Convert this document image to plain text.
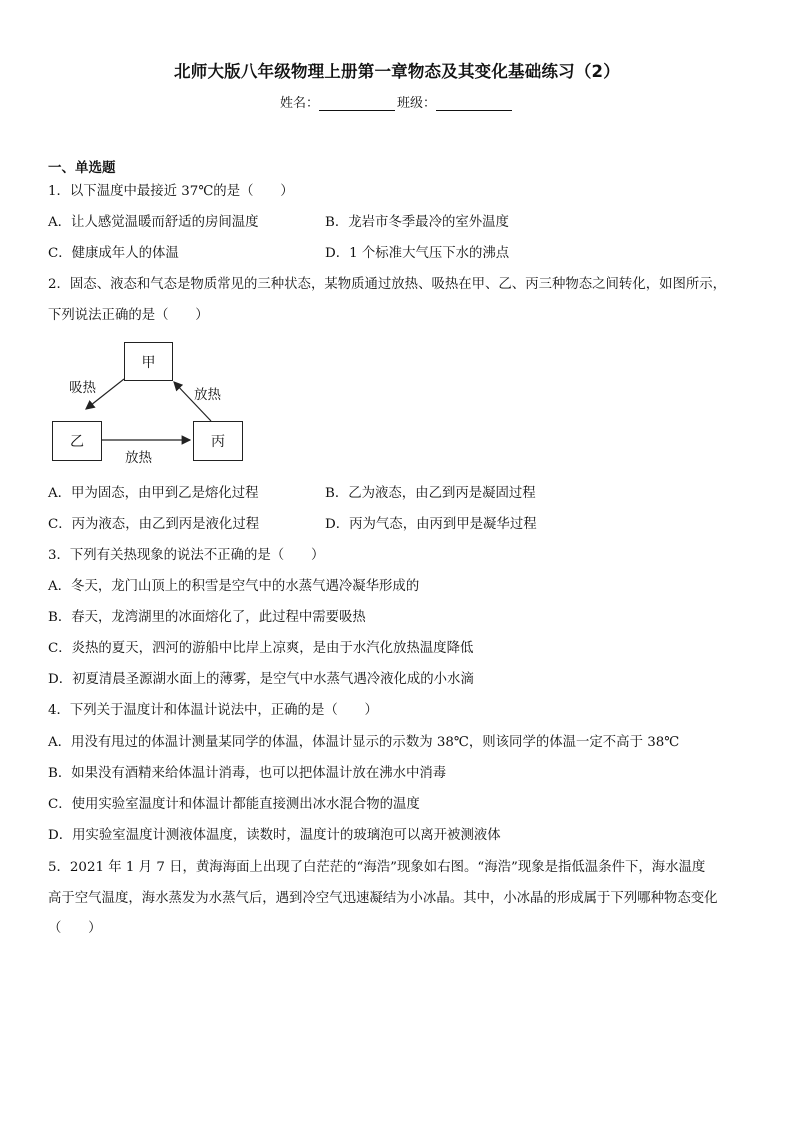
北师大版八年级物理上册第一章物态及其变化基础练习（2）
姓名：	班级：
一、单选题
1．以下温度中最接近 37℃的是（　　）
A．让人感觉温暖而舒适的房间温度	B．龙岩市冬季最冷的室外温度
C．健康成年人的体温	D．1 个标准大气压下水的沸点
2．固态、液态和气态是物质常见的三种状态，某物质通过放热、吸热在甲、乙、丙三种物态之间转化，如图所示，
下列说法正确的是（　　）
甲
乙	丙
吸热	放热
放热
A．甲为固态，由甲到乙是熔化过程	B．乙为液态，由乙到丙是凝固过程
C．丙为液态，由乙到丙是液化过程	D．丙为气态，由丙到甲是凝华过程
3．下列有关热现象的说法不正确的是（　　）
A．冬天，龙门山顶上的积雪是空气中的水蒸气遇冷凝华形成的
B．春天，龙湾湖里的冰面熔化了，此过程中需要吸热
C．炎热的夏天，泗河的游船中比岸上凉爽，是由于水汽化放热温度降低
D．初夏清晨圣源湖水面上的薄雾，是空气中水蒸气遇冷液化成的小水滴
4．下列关于温度计和体温计说法中，正确的是（　　）
A．用没有甩过的体温计测量某同学的体温，体温计显示的示数为 38℃，则该同学的体温一定不高于 38℃
B．如果没有酒精来给体温计消毒，也可以把体温计放在沸水中消毒
C．使用实验室温度计和体温计都能直接测出冰水混合物的温度
D．用实验室温度计测液体温度，读数时，温度计的玻璃泡可以离开被测液体
5．2021 年 1 月 7 日，黄海海面上出现了白茫茫的“海浩”现象如右图。“海浩”现象是指低温条件下，海水温度
高于空气温度，海水蒸发为水蒸气后，遇到冷空气迅速凝结为小冰晶。其中，小冰晶的形成属于下列哪种物态变化
（　　）
